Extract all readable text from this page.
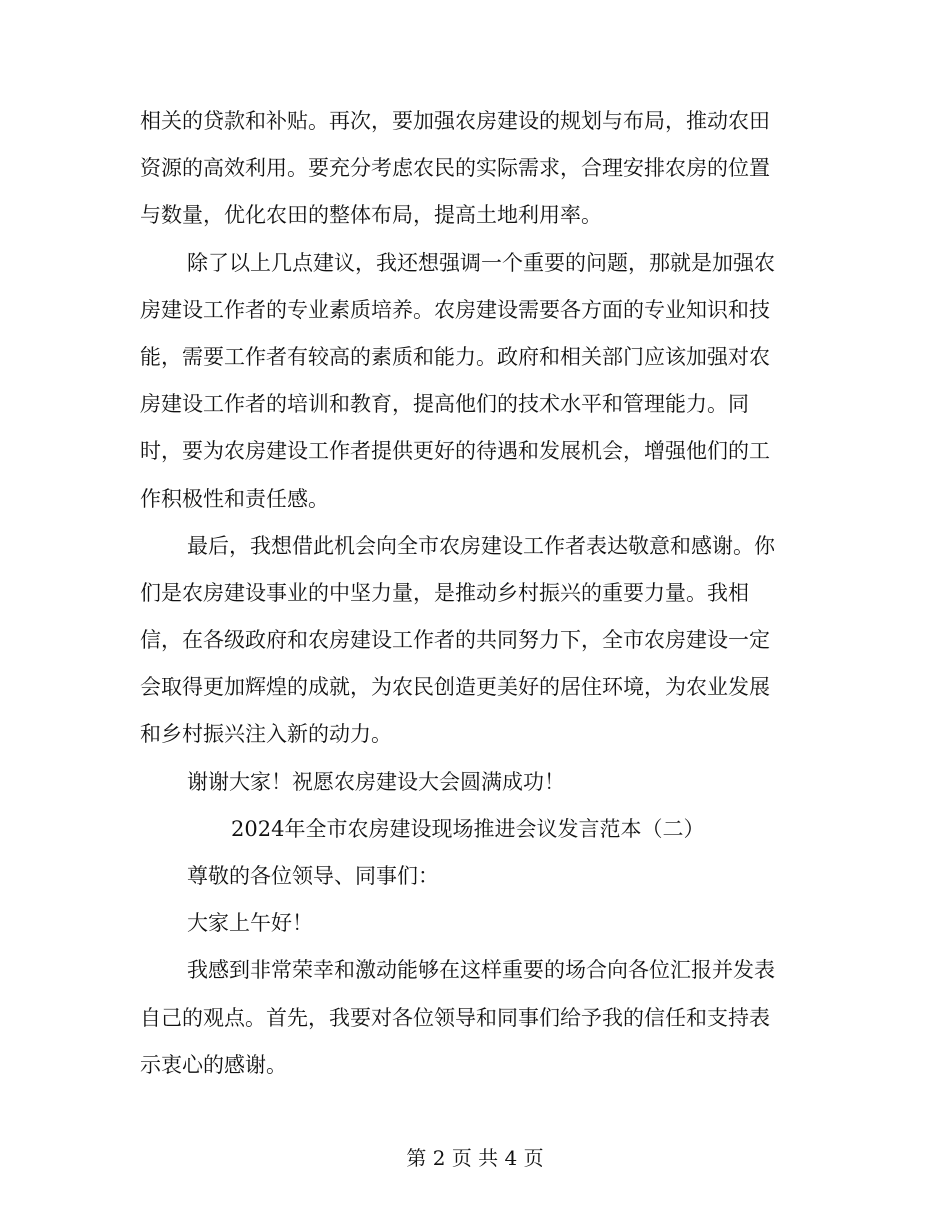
相关的贷款和补贴。再次，要加强农房建设的规划与布局，推动农田
资源的高效利用。要充分考虑农民的实际需求，合理安排农房的位置
与数量，优化农田的整体布局，提高土地利用率。
除了以上几点建议，我还想强调一个重要的问题，那就是加强农
房建设工作者的专业素质培养。农房建设需要各方面的专业知识和技
能，需要工作者有较高的素质和能力。政府和相关部门应该加强对农
房建设工作者的培训和教育，提高他们的技术水平和管理能力。同
时，要为农房建设工作者提供更好的待遇和发展机会，增强他们的工
作积极性和责任感。
最后，我想借此机会向全市农房建设工作者表达敬意和感谢。你
们是农房建设事业的中坚力量，是推动乡村振兴的重要力量。我相
信，在各级政府和农房建设工作者的共同努力下，全市农房建设一定
会取得更加辉煌的成就，为农民创造更美好的居住环境，为农业发展
和乡村振兴注入新的动力。
谢谢大家！祝愿农房建设大会圆满成功！
2024年全市农房建设现场推进会议发言范本（二）
尊敬的各位领导、同事们：
大家上午好！
我感到非常荣幸和激动能够在这样重要的场合向各位汇报并发表
自己的观点。首先，我要对各位领导和同事们给予我的信任和支持表
示衷心的感谢。
第 2 页 共 4 页
